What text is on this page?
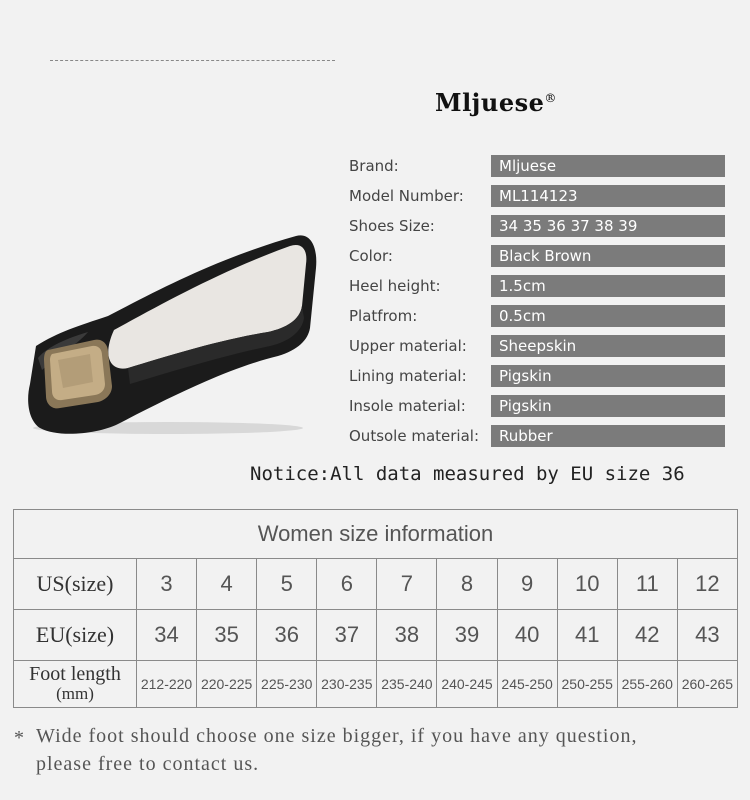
Mljuese®
Brand:	Mljuese
Model Number:	ML114123
Shoes Size:	34 35 36 37 38 39
Color:	Black Brown
Heel height:	1.5cm
Platfrom:	0.5cm
Upper material:	Sheepskin
Lining material:	Pigskin
Insole material:	Pigskin
Outsole material:	Rubber
Notice:All data measured by EU size 36
Women size information										
US(size)	3	4	5	6	7	8	9	10	11	12
EU(size)	34	35	36	37	38	39	40	41	42	43
Foot length
(mm)	212-220	220-225	225-230	230-235	235-240	240-245	245-250	250-255	255-260	260-265
* Wide foot should choose one size bigger, if you have any question,
please free to contact us.
